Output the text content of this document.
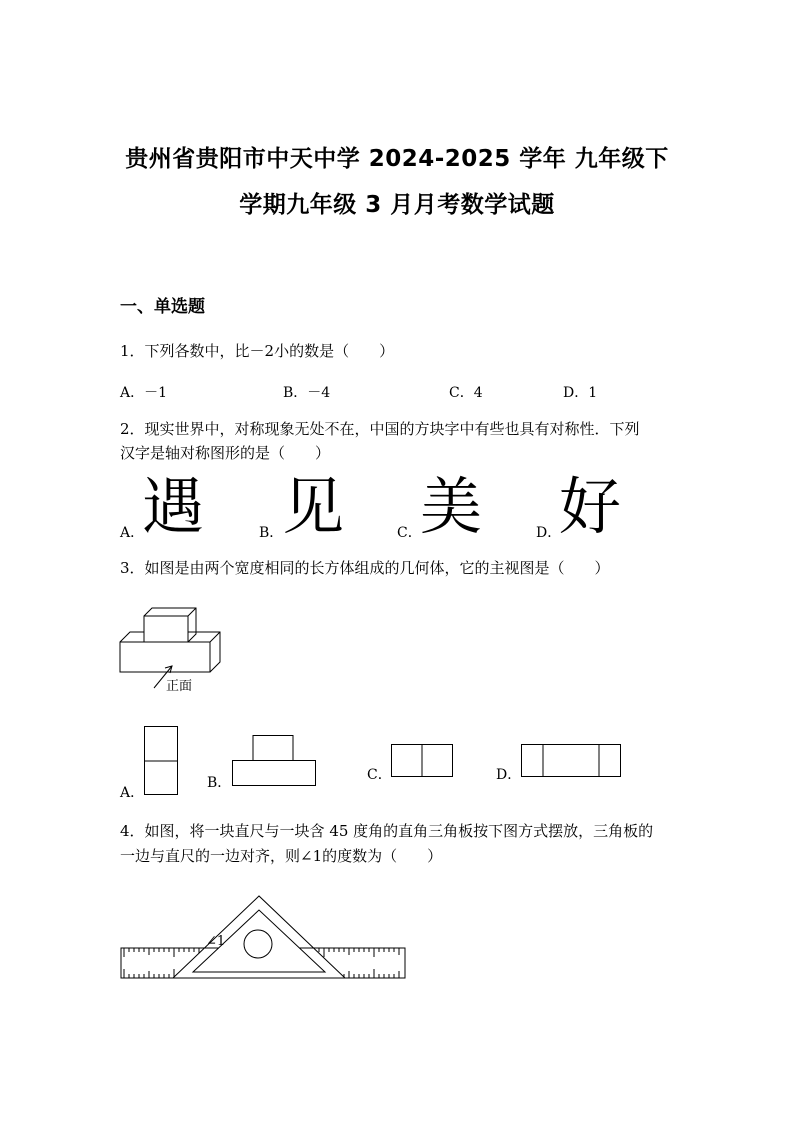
贵州省贵阳市中天中学 2024-2025 学年 九年级下
学期九年级 3 月月考数学试题
一、单选题
1．下列各数中，比－2小的数是（　　）
A．－1	B．－4	C．4	D．1
2．现实世界中，对称现象无处不在，中国的方块字中有些也具有对称性．下列
汉字是轴对称图形的是（　　）
A．
遇	B．
见	C．
美	D．
好
3．如图是由两个宽度相同的长方体组成的几何体，它的主视图是（　　）
正面
A．
B．	C．	D．
4．如图，将一块直尺与一块含 45 度角的直角三角板按下图方式摆放，三角板的
一边与直尺的一边对齐，则∠1的度数为（　　）
∠1
